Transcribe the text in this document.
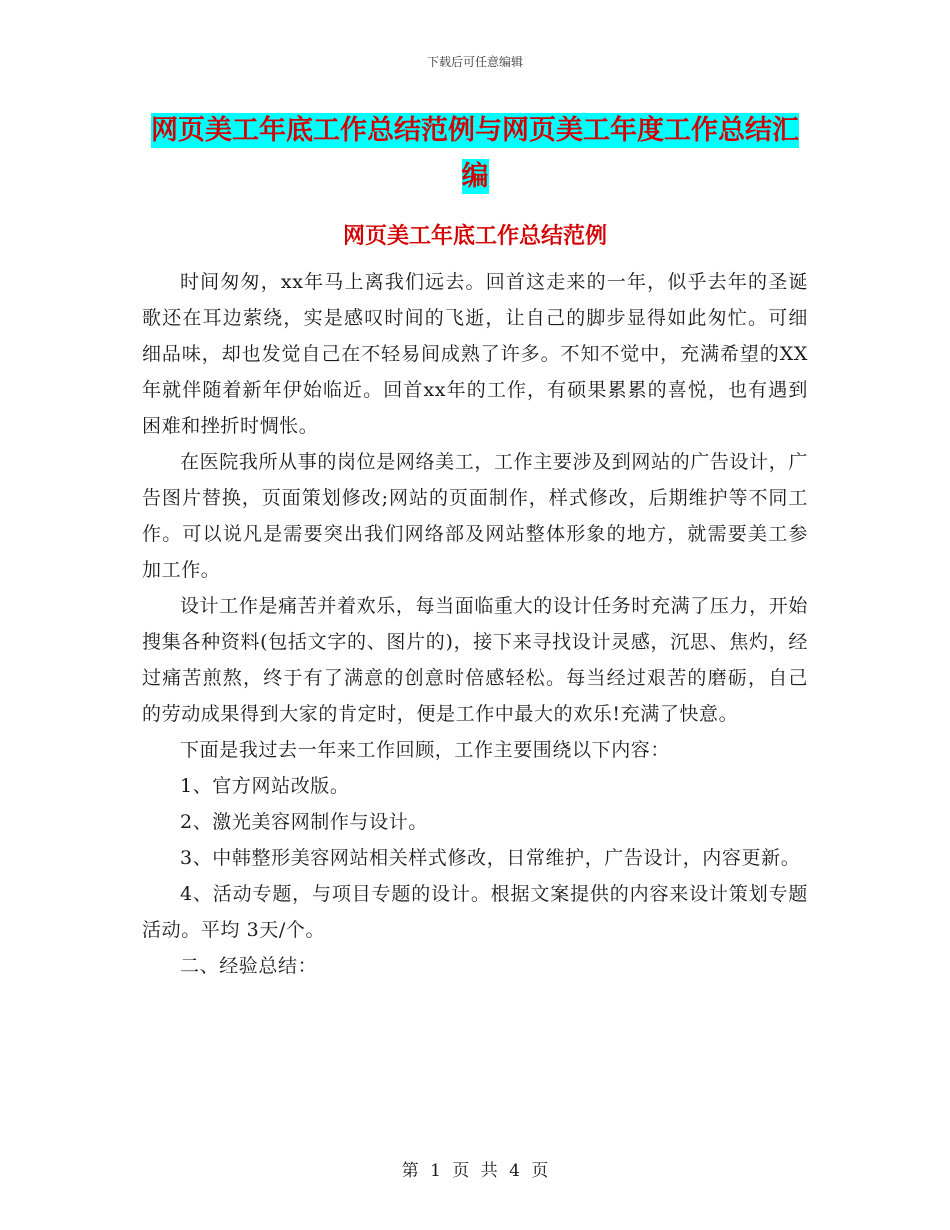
下载后可任意编辑
网页美工年底工作总结范例与网页美工年度工作总结汇编
网页美工年底工作总结范例

时间匆匆，xx年马上离我们远去。回首这走来的一年，似乎去年的圣诞歌还在耳边萦绕，实是感叹时间的飞逝，让自己的脚步显得如此匆忙。可细细品味，却也发觉自己在不轻易间成熟了许多。不知不觉中，充满希望的XX年就伴随着新年伊始临近。回首xx年的工作，有硕果累累的喜悦，也有遇到困难和挫折时惆怅。

在医院我所从事的岗位是网络美工，工作主要涉及到网站的广告设计，广告图片替换，页面策划修改;网站的页面制作，样式修改，后期维护等不同工作。可以说凡是需要突出我们网络部及网站整体形象的地方，就需要美工参加工作。

设计工作是痛苦并着欢乐，每当面临重大的设计任务时充满了压力，开始搜集各种资料(包括文字的、图片的)，接下来寻找设计灵感，沉思、焦灼，经过痛苦煎熬，终于有了满意的创意时倍感轻松。每当经过艰苦的磨砺，自己的劳动成果得到大家的肯定时，便是工作中最大的欢乐!充满了快意。

下面是我过去一年来工作回顾，工作主要围绕以下内容：

1、官方网站改版。

2、激光美容网制作与设计。

3、中韩整形美容网站相关样式修改，日常维护，广告设计，内容更新。

4、活动专题，与项目专题的设计。根据文案提供的内容来设计策划专题活动。平均 3天/个。

二、经验总结：

第 1 页 共 4 页
